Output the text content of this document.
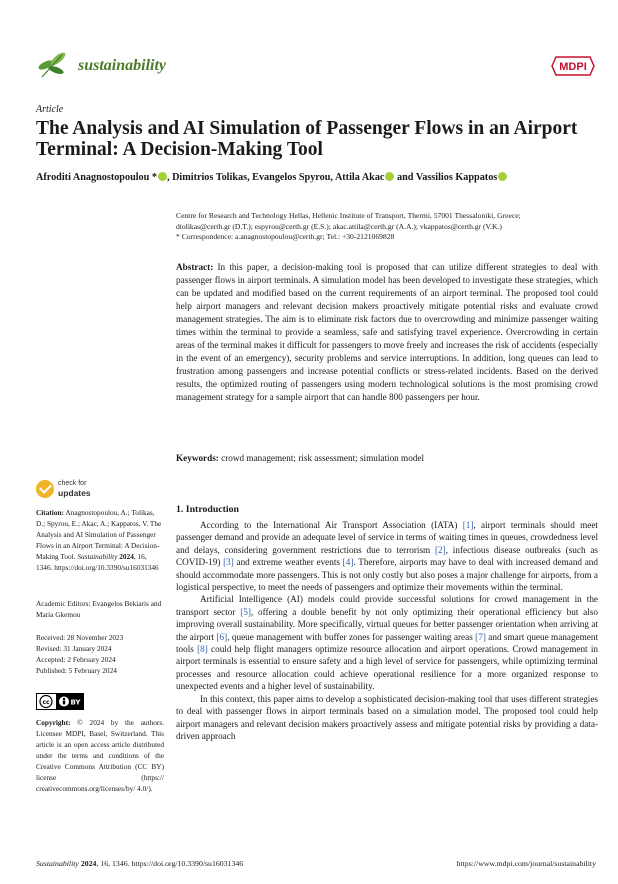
sustainability	MDPI
Article
The Analysis and AI Simulation of Passenger Flows in an Airport Terminal: A Decision-Making Tool
Afroditi Anagnostopoulou * , Dimitrios Tolikas, Evangelos Spyrou, Attila Akac and Vassilios Kappatos
Centre for Research and Technology Hellas, Hellenic Institute of Transport, Thermi, 57001 Thessaloniki, Greece;
dtolikas@certh.gr (D.T.); espyrou@certh.gr (E.S.); akac.attila@certh.gr (A.A.); vkappatos@certh.gr (V.K.)
* Correspondence: a.anagnostopoulou@certh.gr; Tel.: +30-2121069828
Abstract: In this paper, a decision-making tool is proposed that can utilize different strategies to deal with passenger flows in airport terminals. A simulation model has been developed to investigate these strategies, which can be updated and modified based on the current requirements of an airport terminal. The proposed tool could help airport managers and relevant decision makers proactively mitigate potential risks and evaluate crowd management strategies. The aim is to eliminate risk factors due to overcrowding and minimize passenger waiting times within the terminal to provide a seamless, safe and satisfying travel experience. Overcrowding in certain areas of the terminal makes it difficult for passengers to move freely and increases the risk of accidents (especially in the event of an emergency), security problems and service interruptions. In addition, long queues can lead to frustration among passengers and increase potential conflicts or stress-related incidents. Based on the derived results, the optimized routing of passengers using modern technological solutions is the most promising crowd management strategy for a sample airport that can handle 800 passengers per hour.
Keywords: crowd management; risk assessment; simulation model
check for
updates
Citation: Anagnostopoulou, A.; Tolikas, D.; Spyrou, E.; Akac, A.; Kappatos, V. The Analysis and AI Simulation of Passenger Flows in an Airport Terminal: A Decision-Making Tool. Sustainability 2024, 16, 1346. https://doi.org/10.3390/su16031346
Academic Editors: Evangelos Bekiaris and Maria Gkemou
Received: 28 November 2023
Revised: 31 January 2024
Accepted: 2 February 2024
Published: 5 February 2024
cc	BY
Copyright: © 2024 by the authors. Licensee MDPI, Basel, Switzerland. This article is an open access article distributed under the terms and conditions of the Creative Commons Attribution (CC BY) license (https:// creativecommons.org/licenses/by/ 4.0/).
1. Introduction

According to the International Air Transport Association (IATA) [1], airport terminals should meet passenger demand and provide an adequate level of service in terms of waiting times in queues, crowdedness level and delays, considering government restrictions due to terrorism [2], infectious disease outbreaks (such as COVID-19) [3] and extreme weather events [4]. Therefore, airports may have to deal with increased demand and should accommodate more passengers. This is not only costly but also poses a major challenge for airports, from a logistical perspective, to meet the needs of passengers and optimize their movements within the terminal.

Artificial Intelligence (AI) models could provide successful solutions for crowd management in the transport sector [5], offering a double benefit by not only optimizing their operational efficiency but also improving overall sustainability. More specifically, virtual queues for better passenger orientation when arriving at the airport [6], queue management with buffer zones for passenger waiting areas [7] and smart queue management tools [8] could help flight managers optimize resource allocation and airport operations. Crowd management in airport terminals is essential to ensure safety and a high level of service for passengers, while optimizing terminal processes and resource allocation could achieve operational resilience for a more organized response to unexpected events and a higher level of sustainability.

In this context, this paper aims to develop a sophisticated decision-making tool that uses different strategies to deal with passenger flows in airport terminals based on a simulation model. The proposed tool could help airport managers and relevant decision makers proactively assess and mitigate potential risks by providing a data-driven approach

Sustainability 2024, 16, 1346. https://doi.org/10.3390/su16031346	https://www.mdpi.com/journal/sustainability
